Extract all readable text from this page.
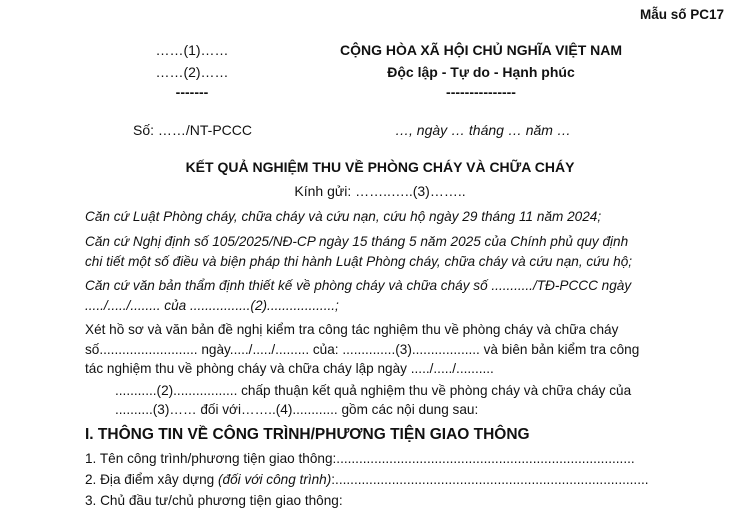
Mẫu số PC17
……(1)……
……(2)……
-------
CỘNG HÒA XÃ HỘI CHỦ NGHĨA VIỆT NAM
Độc lập - Tự do - Hạnh phúc
---------------
Số: ……/NT-PCCC	…, ngày … tháng … năm …
KẾT QUẢ NGHIỆM THU VỀ PHÒNG CHÁY VÀ CHỮA CHÁY
Kính gửi: ……..…..(3)……..
Căn cứ Luật Phòng cháy, chữa cháy và cứu nạn, cứu hộ ngày 29 tháng 11 năm 2024;
Căn cứ Nghị định số 105/2025/NĐ-CP ngày 15 tháng 5 năm 2025 của Chính phủ quy định
chi tiết một số điều và biện pháp thi hành Luật Phòng cháy, chữa cháy và cứu nạn, cứu hộ;
Căn cứ văn bản thẩm định thiết kế về phòng cháy và chữa cháy số .........../TĐ-PCCC ngày
...../...../........ của ................(2)..................;
Xét hồ sơ và văn bản đề nghị kiểm tra công tác nghiệm thu về phòng cháy và chữa cháy
số.......................... ngày...../...../......... của: ..............(3).................. và biên bản kiểm tra công
tác nghiệm thu về phòng cháy và chữa cháy lập ngày ...../...../..........
...........(2)................. chấp thuận kết quả nghiệm thu về phòng cháy và chữa cháy của
..........(3)…… đối với……..(4)............ gồm các nội dung sau:
I. THÔNG TIN VỀ CÔNG TRÌNH/PHƯƠNG TIỆN GIAO THÔNG
1. Tên công trình/phương tiện giao thông:...............................................................................
2. Địa điểm xây dựng (đối với công trình):...................................................................................
3. Chủ đầu tư/chủ phương tiện giao thông:
